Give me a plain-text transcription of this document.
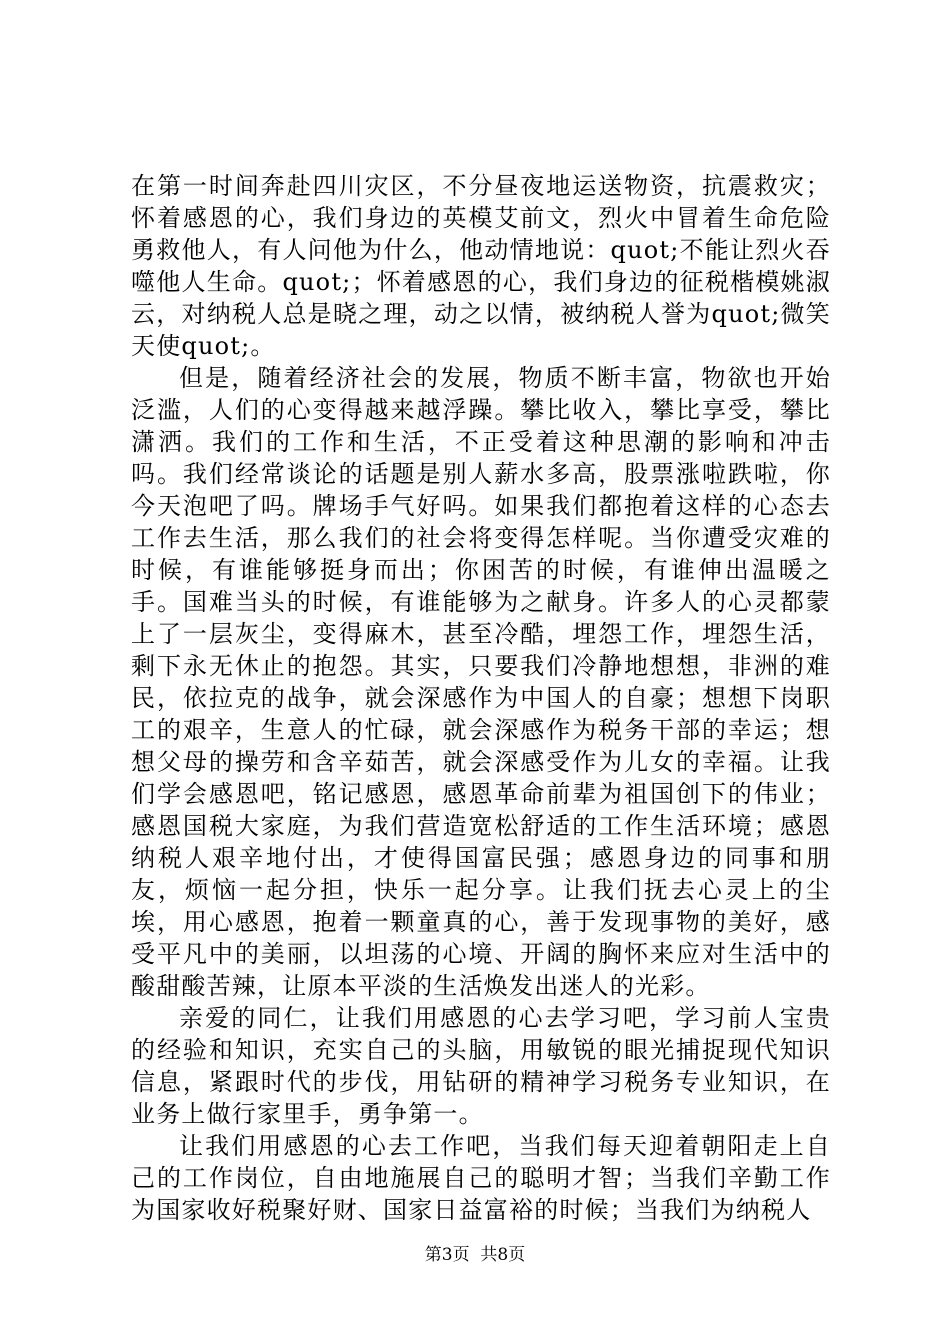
在第一时间奔赴四川灾区，不分昼夜地运送物资，抗震救灾；怀着感恩的心，我们身边的英模艾前文，烈火中冒着生命危险勇救他人，有人问他为什么，他动情地说：quot;不能让烈火吞噬他人生命。quot;；怀着感恩的心，我们身边的征税楷模姚淑云，对纳税人总是晓之理，动之以情，被纳税人誉为quot;微笑天使quot;。

但是，随着经济社会的发展，物质不断丰富，物欲也开始泛滥，人们的心变得越来越浮躁。攀比收入，攀比享受，攀比潇洒。我们的工作和生活，不正受着这种思潮的影响和冲击吗。我们经常谈论的话题是别人薪水多高，股票涨啦跌啦，你今天泡吧了吗。牌场手气好吗。如果我们都抱着这样的心态去工作去生活，那么我们的社会将变得怎样呢。当你遭受灾难的时候，有谁能够挺身而出；你困苦的时候，有谁伸出温暖之手。国难当头的时候，有谁能够为之献身。许多人的心灵都蒙上了一层灰尘，变得麻木，甚至冷酷，埋怨工作，埋怨生活，剩下永无休止的抱怨。其实，只要我们冷静地想想，非洲的难民，依拉克的战争，就会深感作为中国人的自豪；想想下岗职工的艰辛，生意人的忙碌，就会深感作为税务干部的幸运；想想父母的操劳和含辛茹苦，就会深感受作为儿女的幸福。让我们学会感恩吧，铭记感恩，感恩革命前辈为祖国创下的伟业；感恩国税大家庭，为我们营造宽松舒适的工作生活环境；感恩纳税人艰辛地付出，才使得国富民强；感恩身边的同事和朋友，烦恼一起分担，快乐一起分享。让我们抚去心灵上的尘埃，用心感恩，抱着一颗童真的心，善于发现事物的美好，感受平凡中的美丽，以坦荡的心境、开阔的胸怀来应对生活中的酸甜酸苦辣，让原本平淡的生活焕发出迷人的光彩。

亲爱的同仁，让我们用感恩的心去学习吧，学习前人宝贵的经验和知识，充实自己的头脑，用敏锐的眼光捕捉现代知识信息，紧跟时代的步伐，用钻研的精神学习税务专业知识，在业务上做行家里手，勇争第一。

让我们用感恩的心去工作吧，当我们每天迎着朝阳走上自己的工作岗位，自由地施展自己的聪明才智；当我们辛勤工作为国家收好税聚好财、国家日益富裕的时候；当我们为纳税人

第3页  共8页
